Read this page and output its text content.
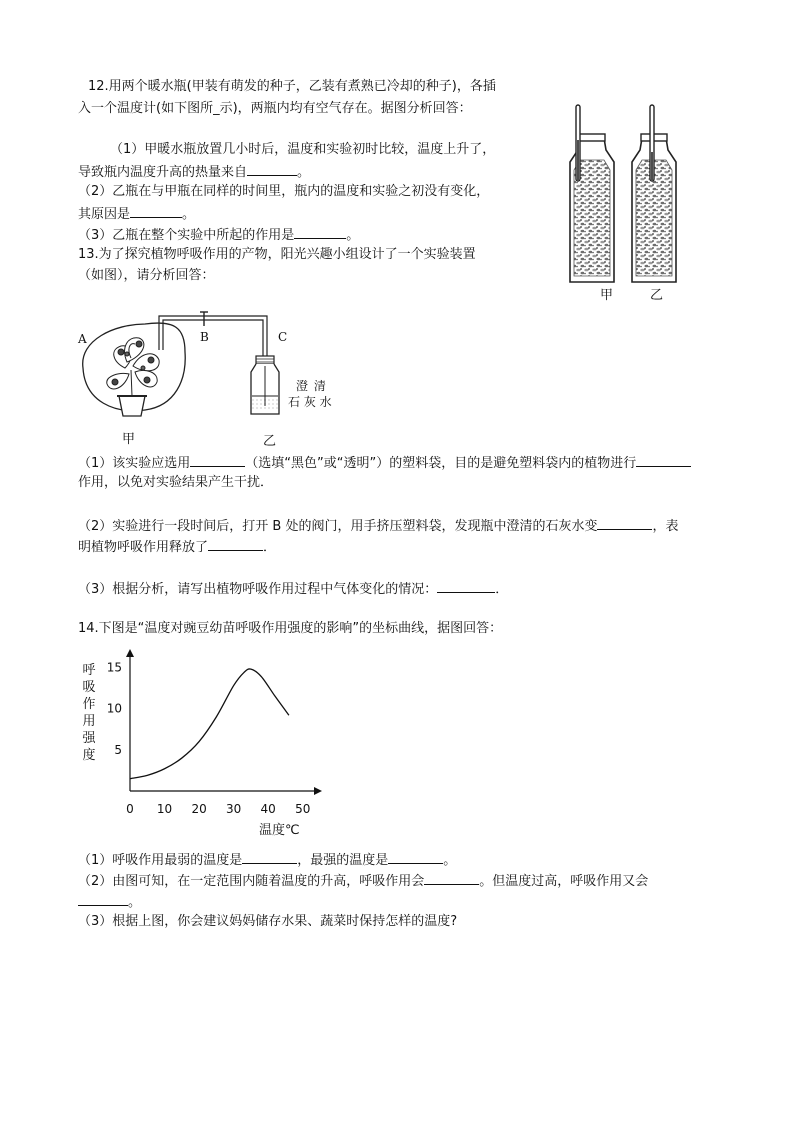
12.用两个暖水瓶(甲装有萌发的种子，乙装有煮熟已冷却的种子)，各插
入一个温度计(如下图所_示)，两瓶内均有空气存在。据图分析回答：
（1）甲暖水瓶放置几小时后，温度和实验初时比较，温度上升了，
导致瓶内温度升高的热量来自	。
（2）乙瓶在与甲瓶在同样的时间里，瓶内的温度和实验之初没有变化，
其原因是	。
（3）乙瓶在整个实验中所起的作用是	。
甲	乙
13.为了探究植物呼吸作用的产物，阳光兴趣小组设计了一个实验装置
（如图），请分析回答：
A	B	C
澄 清
石 灰 水
甲	乙
（1）该实验应选用	（选填“黑色”或“透明”）的塑料袋，目的是避免塑料袋内的植物进行
作用，以免对实验结果产生干扰．
（2）实验进行一段时间后，打开 B 处的阀门，用手挤压塑料袋，发现瓶中澄清的石灰水变	，表
明植物呼吸作用释放了	．
（3）根据分析，请写出植物呼吸作用过程中气体变化的情况：	．
14.下图是“温度对豌豆幼苗呼吸作用强度的影响”的坐标曲线，据图回答：
0 10 20 30 40 50
5
10
15
呼
吸
作
用
强
度
温度℃
（1）呼吸作用最弱的温度是	，最强的温度是	。
（2）由图可知，在一定范围内随着温度的升高，呼吸作用会	。但温度过高，呼吸作用又会
。
（3）根据上图，你会建议妈妈储存水果、蔬菜时保持怎样的温度?
